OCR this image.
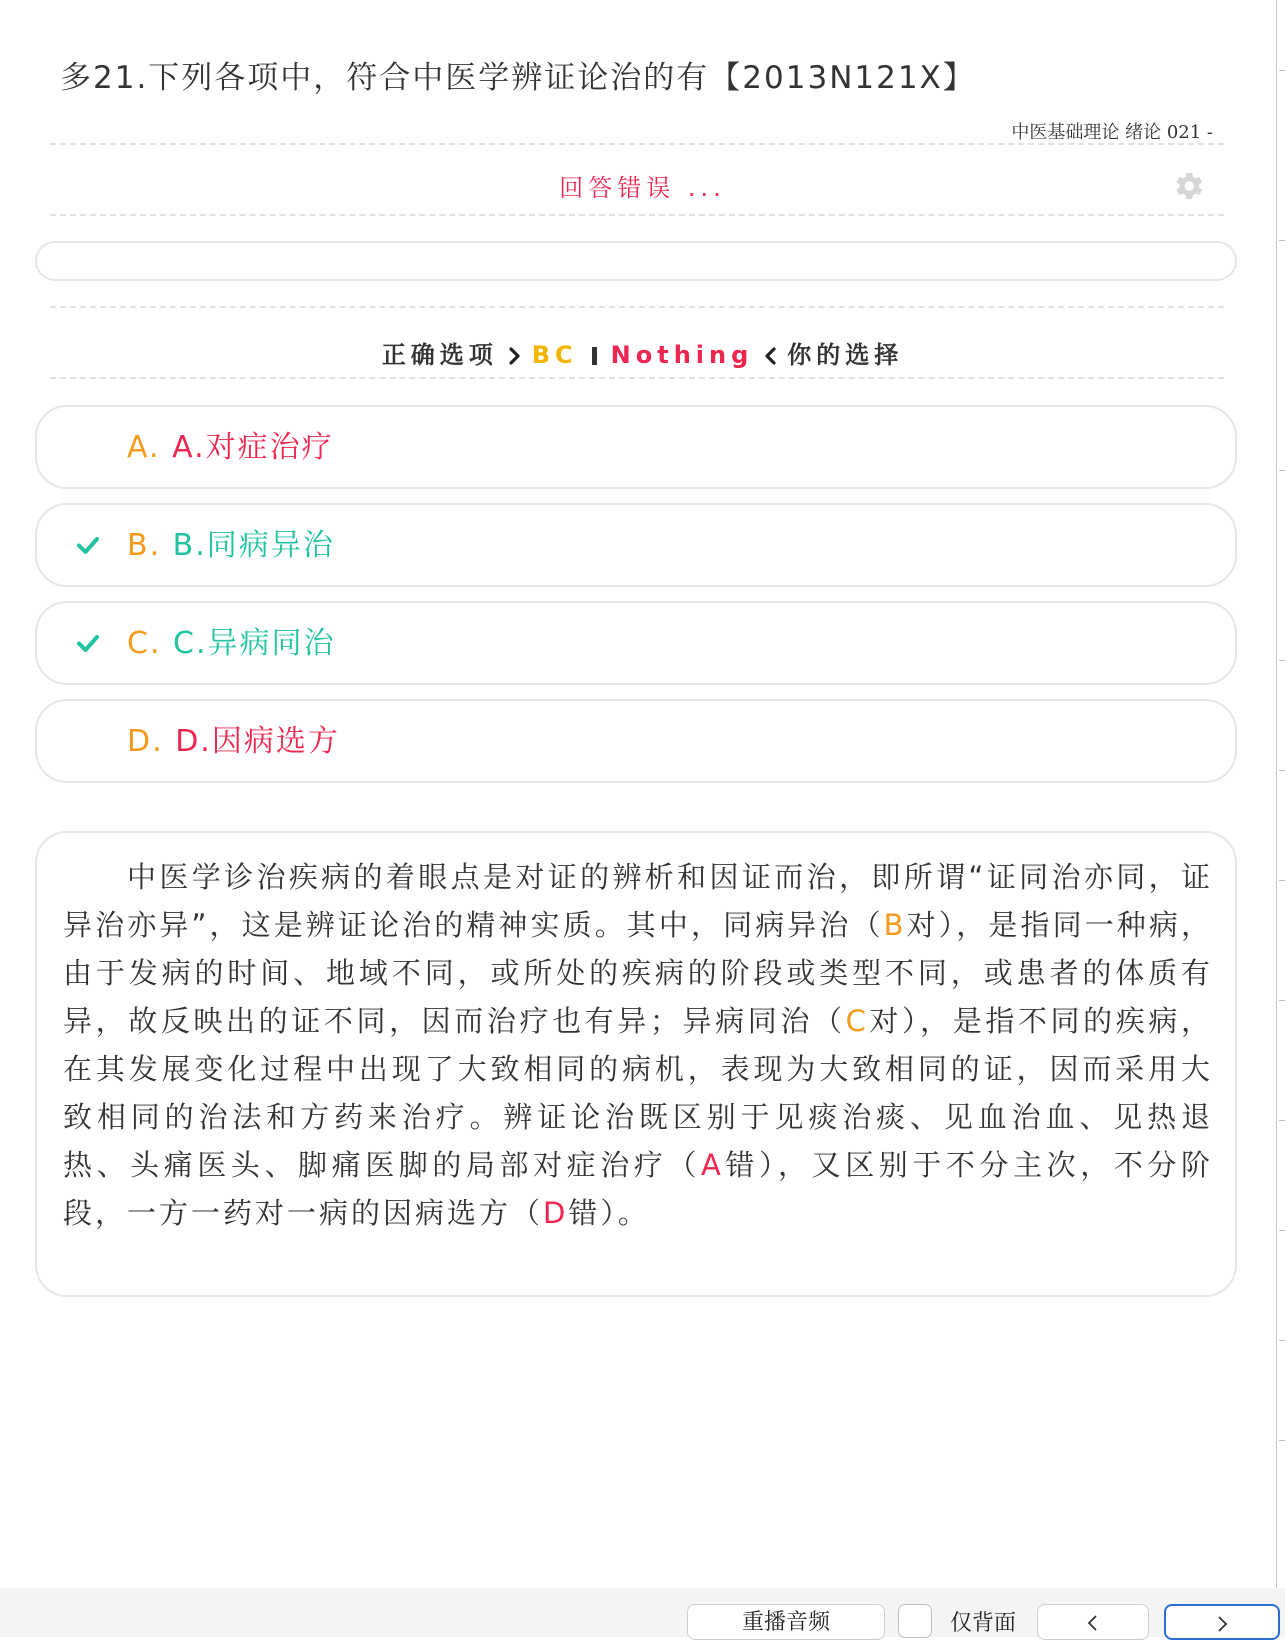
多21.下列各项中，符合中医学辨证论治的有【2013N121X】
中医基础理论 绪论 021 -
回答错误 ...
正确选项 BC Nothing 你的选择
A. A.对症治疗
B. B.同病异治
C. C.异病同治
D. D.因病选方
中医学诊治疾病的着眼点是对证的辨析和因证而治，即所谓“证同治亦同，证异治亦异”，这是辨证论治的精神实质。其中，同病异治（B对），是指同一种病，由于发病的时间、地域不同，或所处的疾病的阶段或类型不同，或患者的体质有异，故反映出的证不同，因而治疗也有异；异病同治（C对），是指不同的疾病，在其发展变化过程中出现了大致相同的病机，表现为大致相同的证，因而采用大致相同的治法和方药来治疗。辨证论治既区别于见痰治痰、见血治血、见热退热、头痛医头、脚痛医脚的局部对症治疗（A错），又区别于不分主次，不分阶段，一方一药对一病的因病选方（D错）。
重播音频	仅背面
